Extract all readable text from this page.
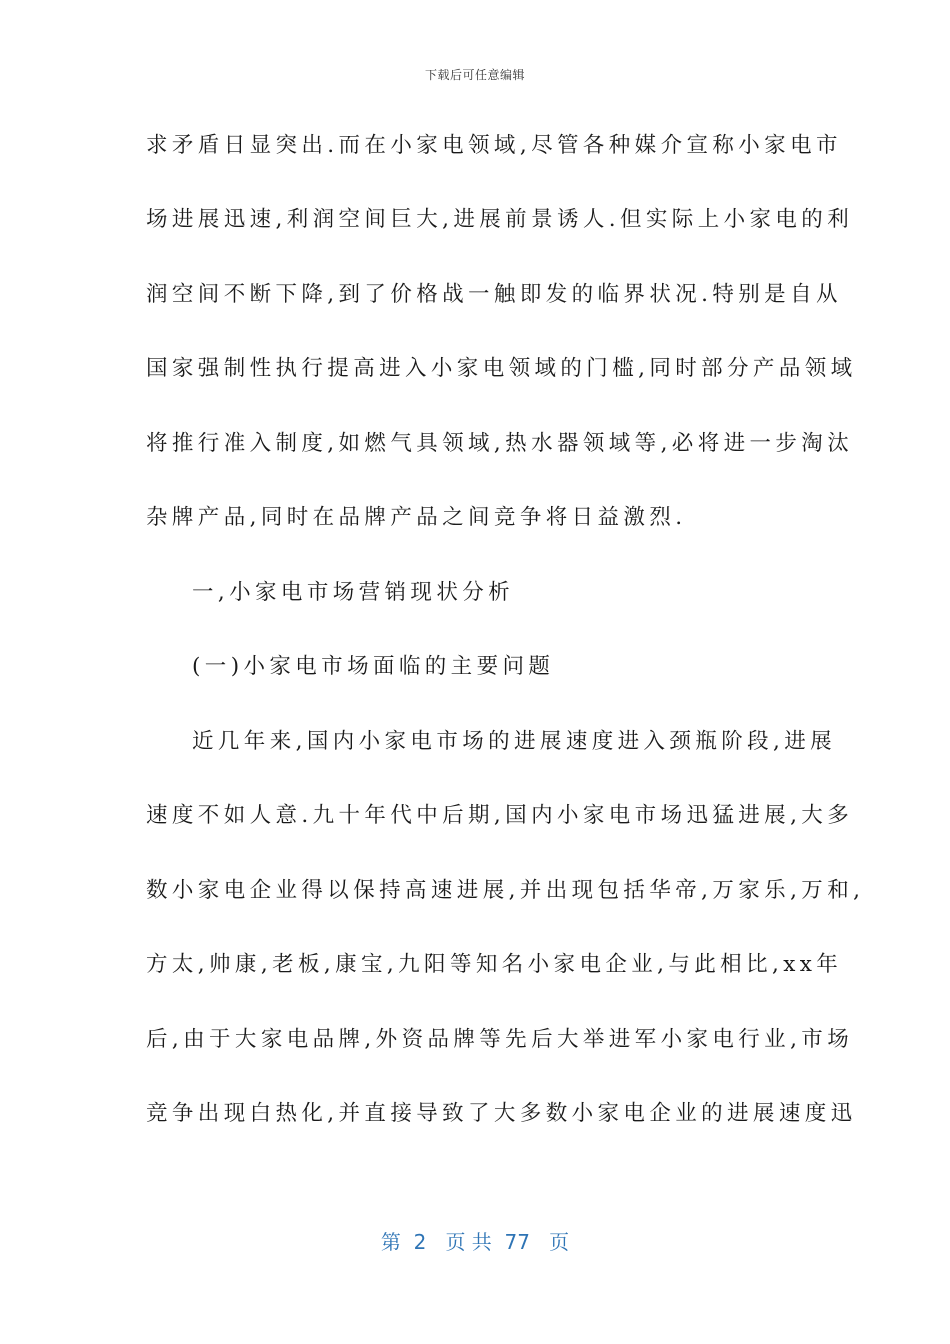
下载后可任意编辑
求矛盾日显突出.而在小家电领域,尽管各种媒介宣称小家电市
场进展迅速,利润空间巨大,进展前景诱人.但实际上小家电的利
润空间不断下降,到了价格战一触即发的临界状况.特别是自从
国家强制性执行提高进入小家电领域的门槛,同时部分产品领域
将推行准入制度,如燃气具领域,热水器领域等,必将进一步淘汰
杂牌产品,同时在品牌产品之间竞争将日益激烈.
一,小家电市场营销现状分析
(一)小家电市场面临的主要问题
近几年来,国内小家电市场的进展速度进入颈瓶阶段,进展
速度不如人意.九十年代中后期,国内小家电市场迅猛进展,大多
数小家电企业得以保持高速进展,并出现包括华帝,万家乐,万和,
方太,帅康,老板,康宝,九阳等知名小家电企业,与此相比,xx年
后,由于大家电品牌,外资品牌等先后大举进军小家电行业,市场
竞争出现白热化,并直接导致了大多数小家电企业的进展速度迅
第 2 页 共 77 页
